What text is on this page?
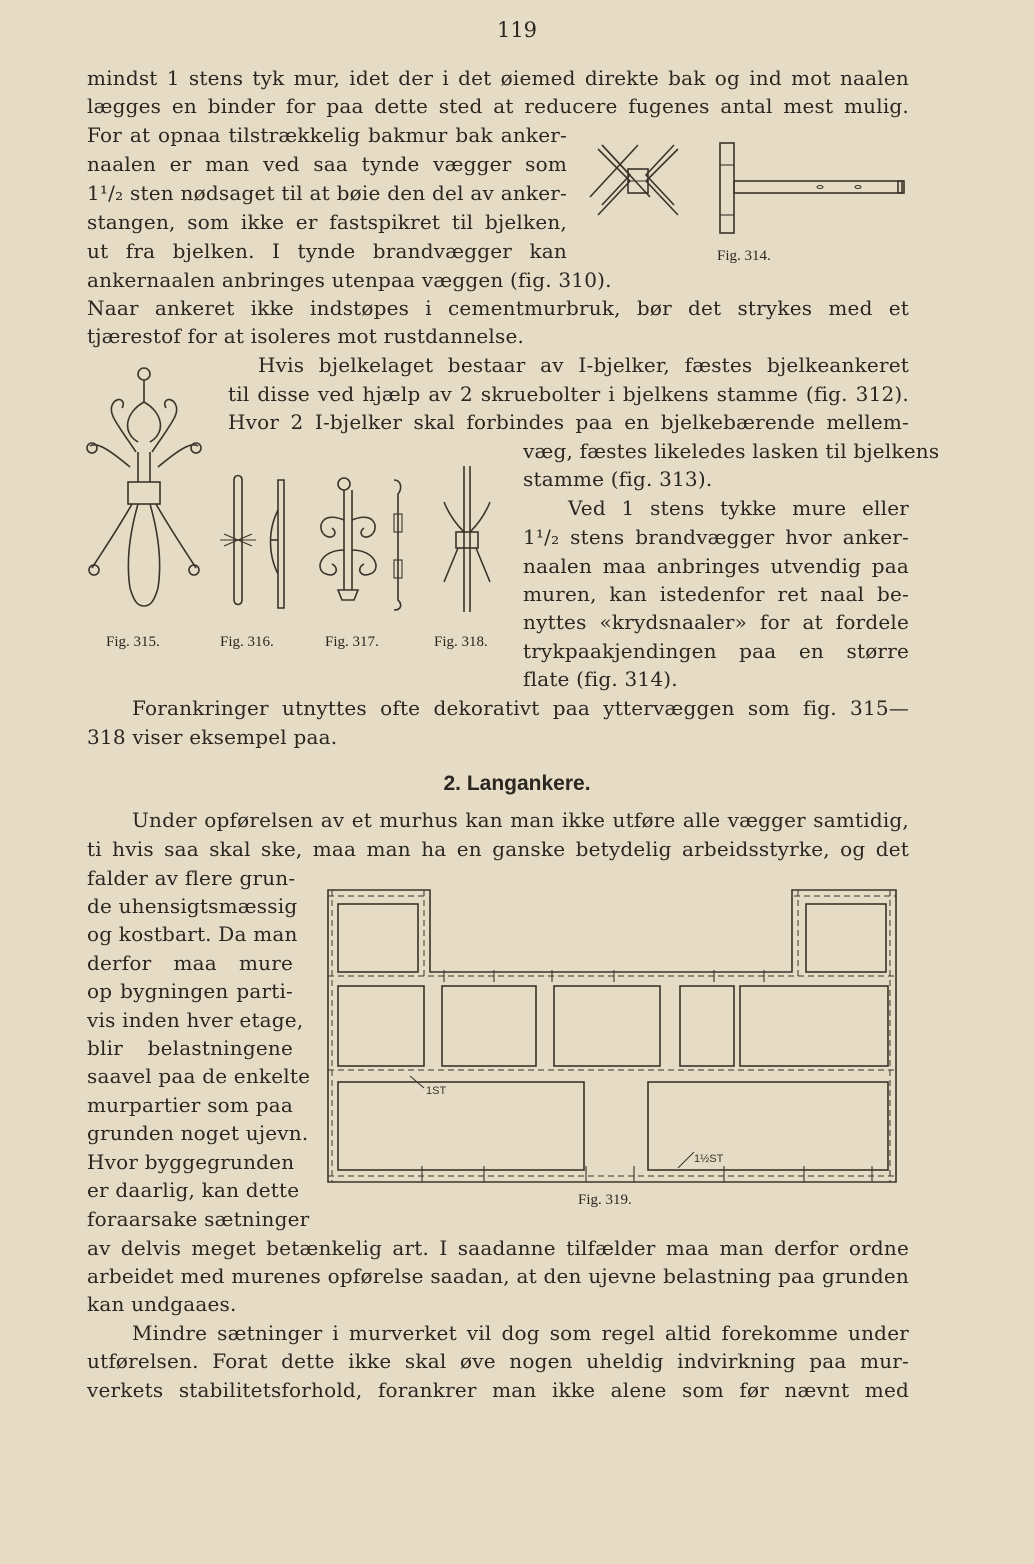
119
mindst 1 stens tyk mur, idet der i det øiemed direkte bak og ind mot naalen
lægges en binder for paa dette sted at reducere fugenes antal mest mulig.
For at opnaa tilstrækkelig bakmur bak anker-
naalen er man ved saa tynde vægger som
1¹/₂ sten nødsaget til at bøie den del av anker-
stangen, som ikke er fastspikret til bjelken,
ut fra bjelken. I tynde brandvægger kan
ankernaalen anbringes utenpaa væggen (fig. 310).
Fig. 314.
Naar ankeret ikke indstøpes i cementmurbruk, bør det strykes med et
tjærestof for at isoleres mot rustdannelse.
Hvis bjelkelaget bestaar av I-bjelker, fæstes bjelkeankeret
til disse ved hjælp av 2 skruebolter i bjelkens stamme (fig. 312).
Hvor 2 I-bjelker skal forbindes paa en bjelkebærende mellem-
væg, fæstes likeledes lasken til bjelkens
stamme (fig. 313).
Ved 1 stens tykke mure eller
1¹/₂ stens brandvægger hvor anker-
naalen maa anbringes utvendig paa
muren, kan istedenfor ret naal be-
nyttes «krydsnaaler» for at fordele
trykpaakjendingen paa en større
flate (fig. 314).
Fig. 315.	Fig. 316.	Fig. 317.	Fig. 318.
Forankringer utnyttes ofte dekorativt paa yttervæggen som fig. 315—
318 viser eksempel paa.
2. Langankere.
Under opførelsen av et murhus kan man ikke utføre alle vægger samtidig,
ti hvis saa skal ske, maa man ha en ganske betydelig arbeidsstyrke, og det
falder av flere grun-
de uhensigtsmæssig
og kostbart. Da man
derfor maa mure
op bygningen parti-
vis inden hver etage,
blir belastningene
saavel paa de enkelte
murpartier som paa
grunden noget ujevn.
Hvor byggegrunden
er daarlig, kan dette
foraarsake sætninger
1ST
1½ST
Fig. 319.
av delvis meget betænkelig art. I saadanne tilfælder maa man derfor ordne
arbeidet med murenes opførelse saadan, at den ujevne belastning paa grunden
kan undgaaes.
Mindre sætninger i murverket vil dog som regel altid forekomme under
utførelsen. Forat dette ikke skal øve nogen uheldig indvirkning paa mur-
verkets stabilitetsforhold, forankrer man ikke alene som før nævnt med
